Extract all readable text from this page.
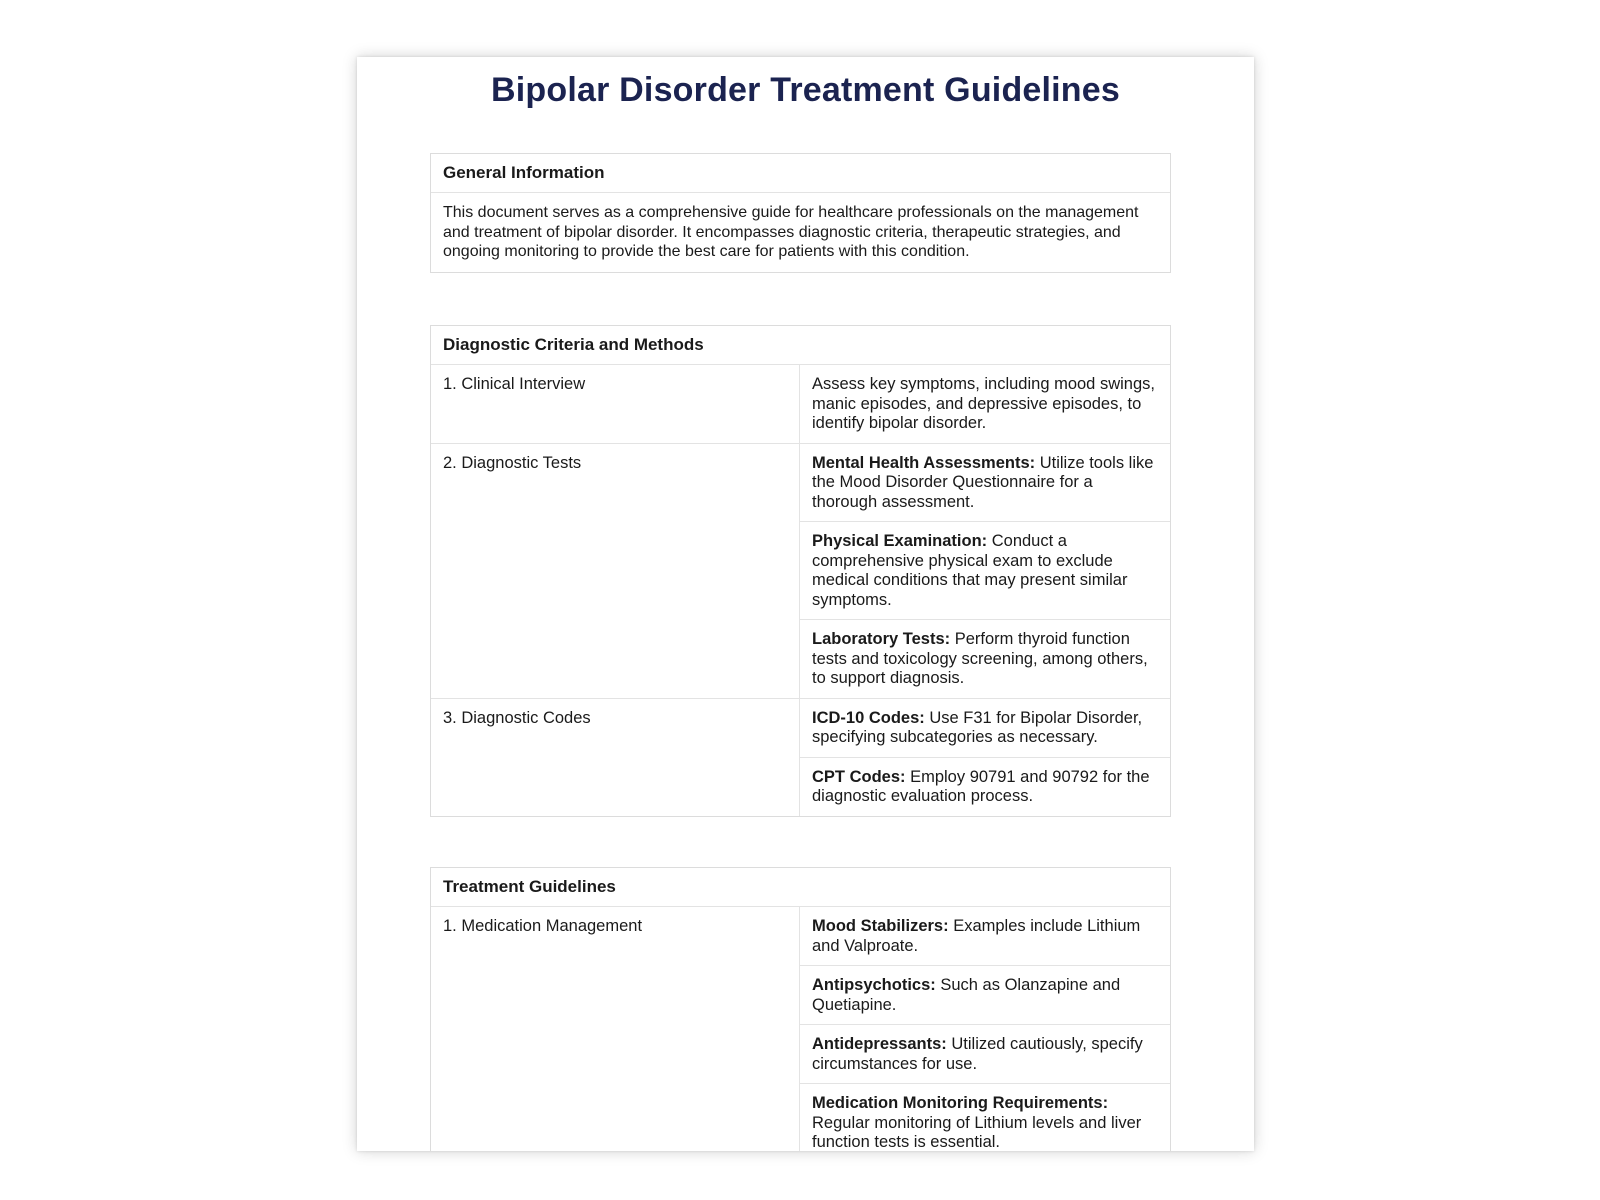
Bipolar Disorder Treatment Guidelines
General Information
This document serves as a comprehensive guide for healthcare professionals on the management and treatment of bipolar disorder. It encompasses diagnostic criteria, therapeutic strategies, and ongoing monitoring to provide the best care for patients with this condition.
Diagnostic Criteria and Methods
1. Clinical Interview	Assess key symptoms, including mood swings, manic episodes, and depressive episodes, to identify bipolar disorder.
2. Diagnostic Tests	Mental Health Assessments: Utilize tools like the Mood Disorder Questionnaire for a thorough assessment.
Physical Examination: Conduct a comprehensive physical exam to exclude medical conditions that may present similar symptoms.
Laboratory Tests: Perform thyroid function tests and toxicology screening, among others, to support diagnosis.
3. Diagnostic Codes	ICD-10 Codes: Use F31 for Bipolar Disorder, specifying subcategories as necessary.
CPT Codes: Employ 90791 and 90792 for the diagnostic evaluation process.
Treatment Guidelines
1. Medication Management	Mood Stabilizers: Examples include Lithium and Valproate.
Antipsychotics: Such as Olanzapine and Quetiapine.
Antidepressants: Utilized cautiously, specify circumstances for use.
Medication Monitoring Requirements: Regular monitoring of Lithium levels and liver function tests is essential.
